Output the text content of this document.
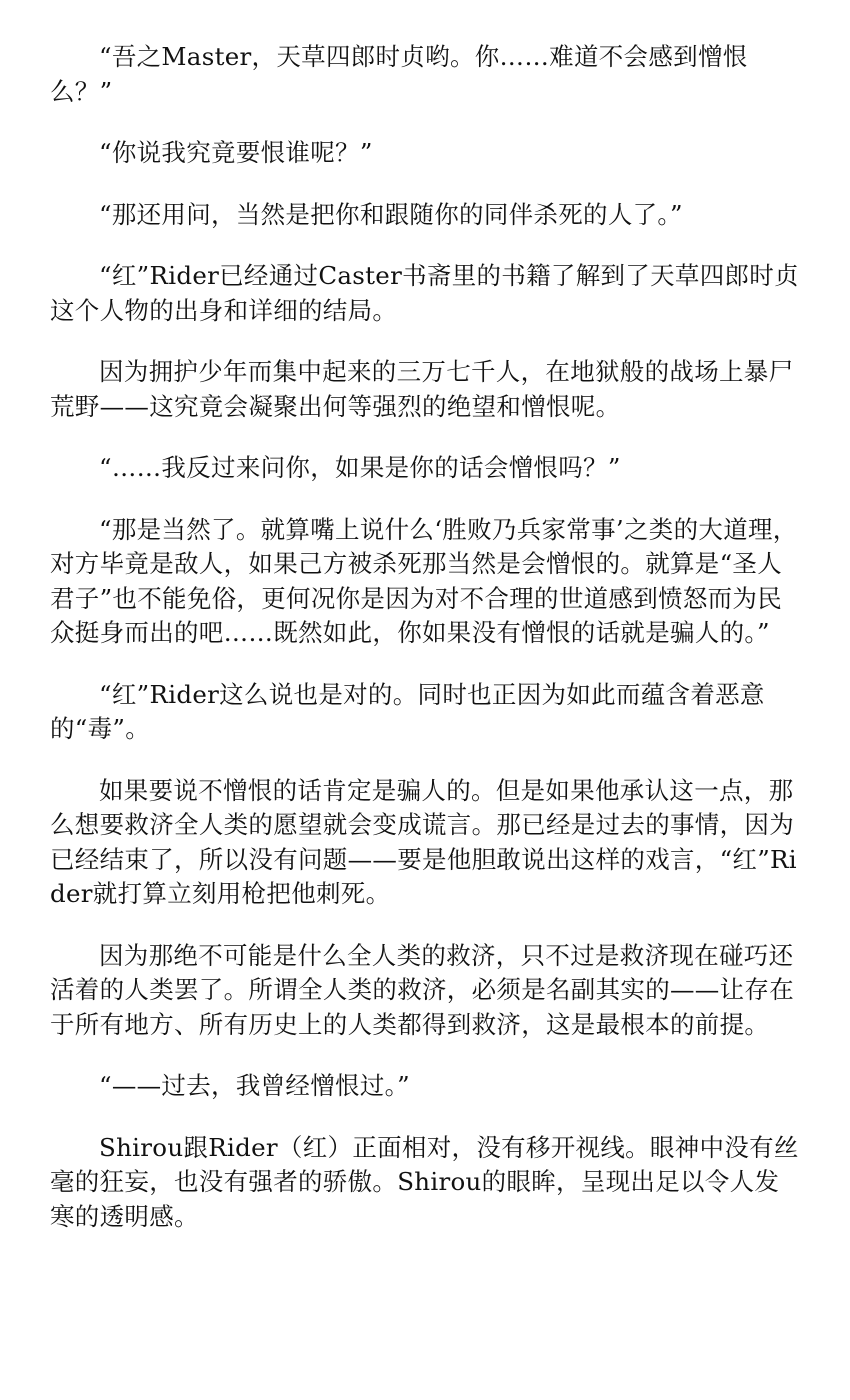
“吾之Master，天草四郎时贞哟。你……难道不会感到憎恨么？”

“你说我究竟要恨谁呢？”

“那还用问，当然是把你和跟随你的同伴杀死的人了。”

“红”Rider已经通过Caster书斋里的书籍了解到了天草四郎时贞这个人物的出身和详细的结局。

因为拥护少年而集中起来的三万七千人，在地狱般的战场上暴尸荒野——这究竟会凝聚出何等强烈的绝望和憎恨呢。

“……我反过来问你，如果是你的话会憎恨吗？”

“那是当然了。就算嘴上说什么‘胜败乃兵家常事’之类的大道理，对方毕竟是敌人，如果己方被杀死那当然是会憎恨的。就算是“圣人君子”也不能免俗，更何况你是因为对不合理的世道感到愤怒而为民众挺身而出的吧……既然如此，你如果没有憎恨的话就是骗人的。”

“红”Rider这么说也是对的。同时也正因为如此而蕴含着恶意的“毒”。

如果要说不憎恨的话肯定是骗人的。但是如果他承认这一点，那么想要救济全人类的愿望就会变成谎言。那已经是过去的事情，因为已经结束了，所以没有问题——要是他胆敢说出这样的戏言，“红”Rider就打算立刻用枪把他刺死。

因为那绝不可能是什么全人类的救济，只不过是救济现在碰巧还活着的人类罢了。所谓全人类的救济，必须是名副其实的——让存在于所有地方、所有历史上的人类都得到救济，这是最根本的前提。

“——过去，我曾经憎恨过。”

Shirou跟Rider（红）正面相对，没有移开视线。眼神中没有丝毫的狂妄，也没有强者的骄傲。Shirou的眼眸，呈现出足以令人发寒的透明感。
